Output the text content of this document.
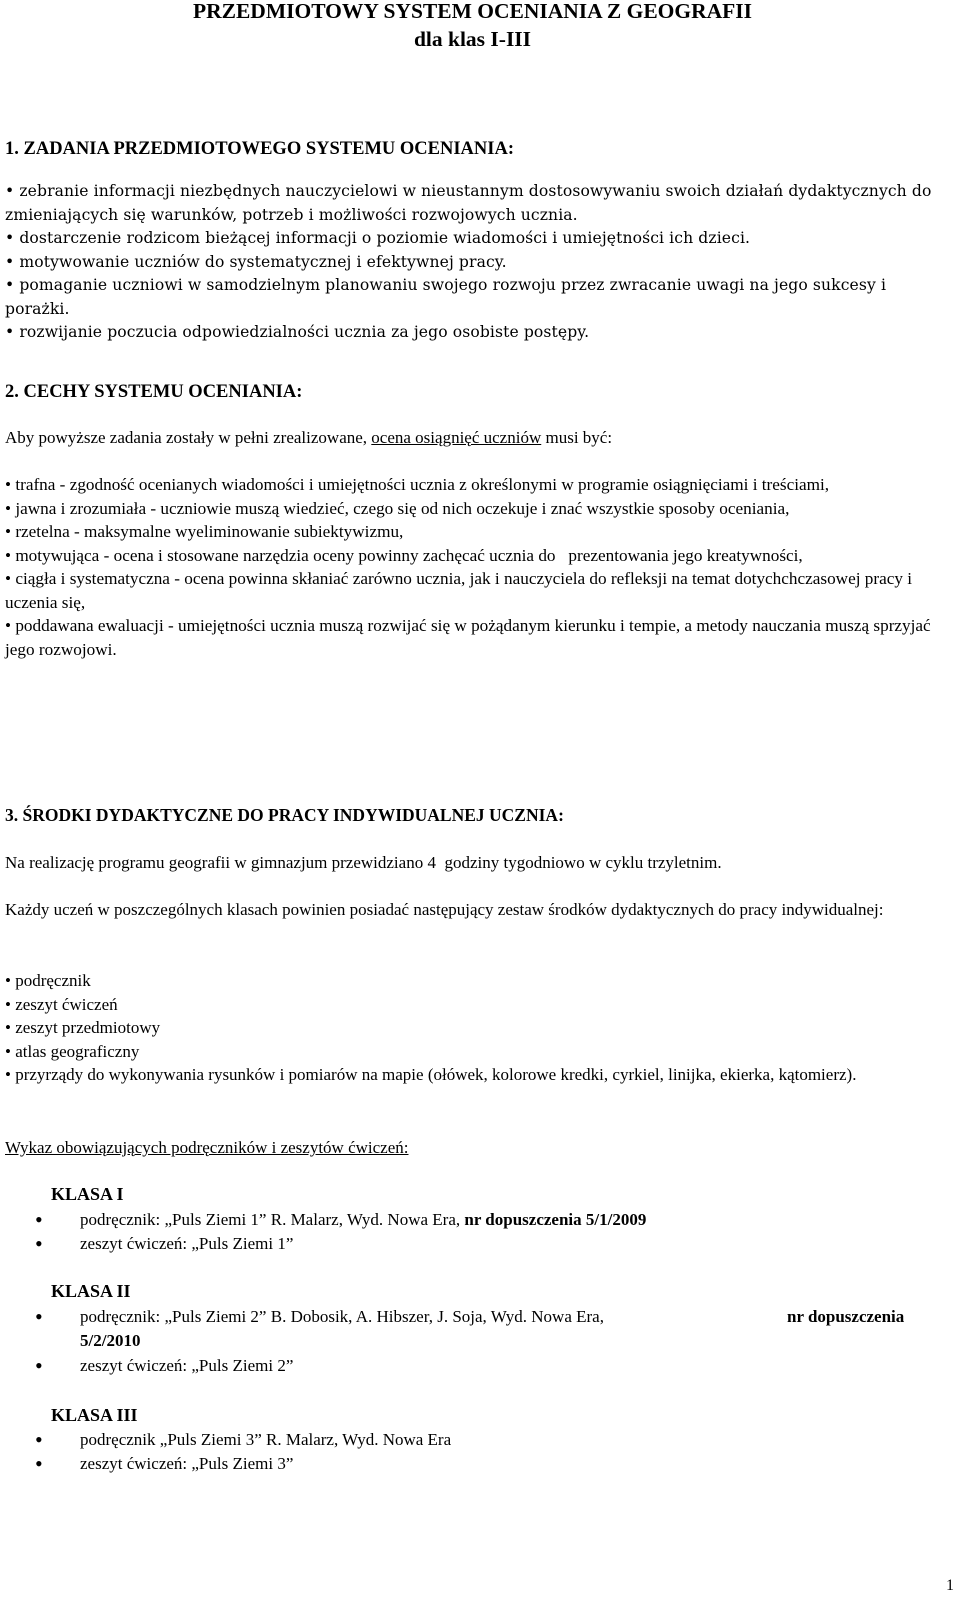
PRZEDMIOTOWY SYSTEM OCENIANIA Z GEOGRAFII
dla klas I-III
1. ZADANIA PRZEDMIOTOWEGO SYSTEMU OCENIANIA:

• zebranie informacji niezbędnych nauczycielowi w nieustannym dostosowywaniu swoich działań dydaktycznych do zmieniających się warunków, potrzeb i możliwości rozwojowych ucznia.

• dostarczenie rodzicom bieżącej informacji o poziomie wiadomości i umiejętności ich dzieci.

• motywowanie uczniów do systematycznej i efektywnej pracy.

• pomaganie uczniowi w samodzielnym planowaniu swojego rozwoju przez zwracanie uwagi na jego sukcesy i porażki.

• rozwijanie poczucia odpowiedzialności ucznia za jego osobiste postępy.

2. CECHY SYSTEMU OCENIANIA:

Aby powyższe zadania zostały w pełni zrealizowane, ocena osiągnięć uczniów musi być:

• trafna - zgodność ocenianych wiadomości i umiejętności ucznia z określonymi w programie osiągnięciami i treściami,

• jawna i zrozumiała - uczniowie muszą wiedzieć, czego się od nich oczekuje i znać wszystkie sposoby oceniania,

• rzetelna - maksymalne wyeliminowanie subiektywizmu,

• motywująca - ocena i stosowane narzędzia oceny powinny zachęcać ucznia do   prezentowania jego kreatywności,

• ciągła i systematyczna - ocena powinna skłaniać zarówno ucznia, jak i nauczyciela do refleksji na temat dotychchczasowej pracy i uczenia się,

• poddawana ewaluacji - umiejętności ucznia muszą rozwijać się w pożądanym kierunku i tempie, a metody nauczania muszą sprzyjać jego rozwojowi.

3. ŚRODKI DYDAKTYCZNE DO PRACY INDYWIDUALNEJ UCZNIA:

Na realizację programu geografii w gimnazjum przewidziano 4  godziny tygodniowo w cyklu trzyletnim.

Każdy uczeń w poszczególnych klasach powinien posiadać następujący zestaw środków dydaktycznych do pracy indywidualnej:

• podręcznik

• zeszyt ćwiczeń

• zeszyt przedmiotowy

• atlas geograficzny

• przyrządy do wykonywania rysunków i pomiarów na mapie (ołówek, kolorowe kredki, cyrkiel, linijka, ekierka, kątomierz).

Wykaz obowiązujących podręczników i zeszytów ćwiczeń:

KLASA I
•	podręcznik: „Puls Ziemi 1” R. Malarz, Wyd. Nowa Era, nr dopuszczenia 5/1/2009
•	zeszyt ćwiczeń: „Puls Ziemi 1”
KLASA II
•	podręcznik: „Puls Ziemi 2” B. Dobosik, A. Hibszer, J. Soja, Wyd. Nowa Era,	nr dopuszczenia
5/2/2010
•	zeszyt ćwiczeń: „Puls Ziemi 2”
KLASA III
•	podręcznik „Puls Ziemi 3” R. Malarz, Wyd. Nowa Era
•	zeszyt ćwiczeń: „Puls Ziemi 3”
1
